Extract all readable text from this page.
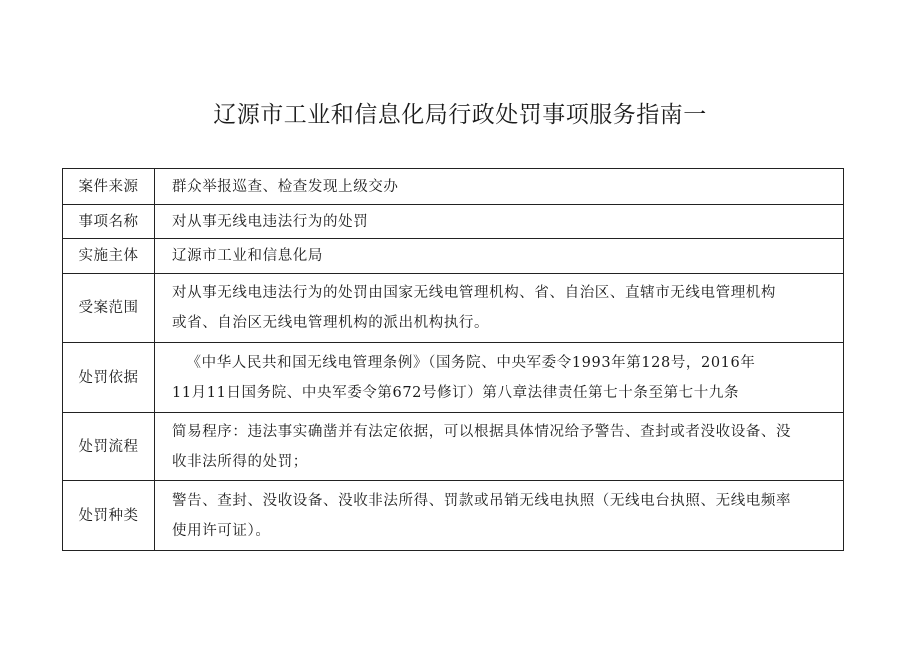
辽源市工业和信息化局行政处罚事项服务指南一
案件来源	群众举报巡查、检查发现上级交办

事项名称	对从事无线电违法行为的处罚

实施主体	辽源市工业和信息化局

受案范围	对从事无线电违法行为的处罚由国家无线电管理机构、省、自治区、直辖市无线电管理机构
或省、自治区无线电管理机构的派出机构执行。

处罚依据	《中华人民共和国无线电管理条例》（国务院、中央军委令1993年第128号，2016年
11月11日国务院、中央军委令第672号修订）第八章法律责任第七十条至第七十九条

处罚流程	简易程序：违法事实确凿并有法定依据，可以根据具体情况给予警告、查封或者没收设备、没
收非法所得的处罚；

处罚种类	警告、查封、没收设备、没收非法所得、罚款或吊销无线电执照（无线电台执照、无线电频率
使用许可证）。
